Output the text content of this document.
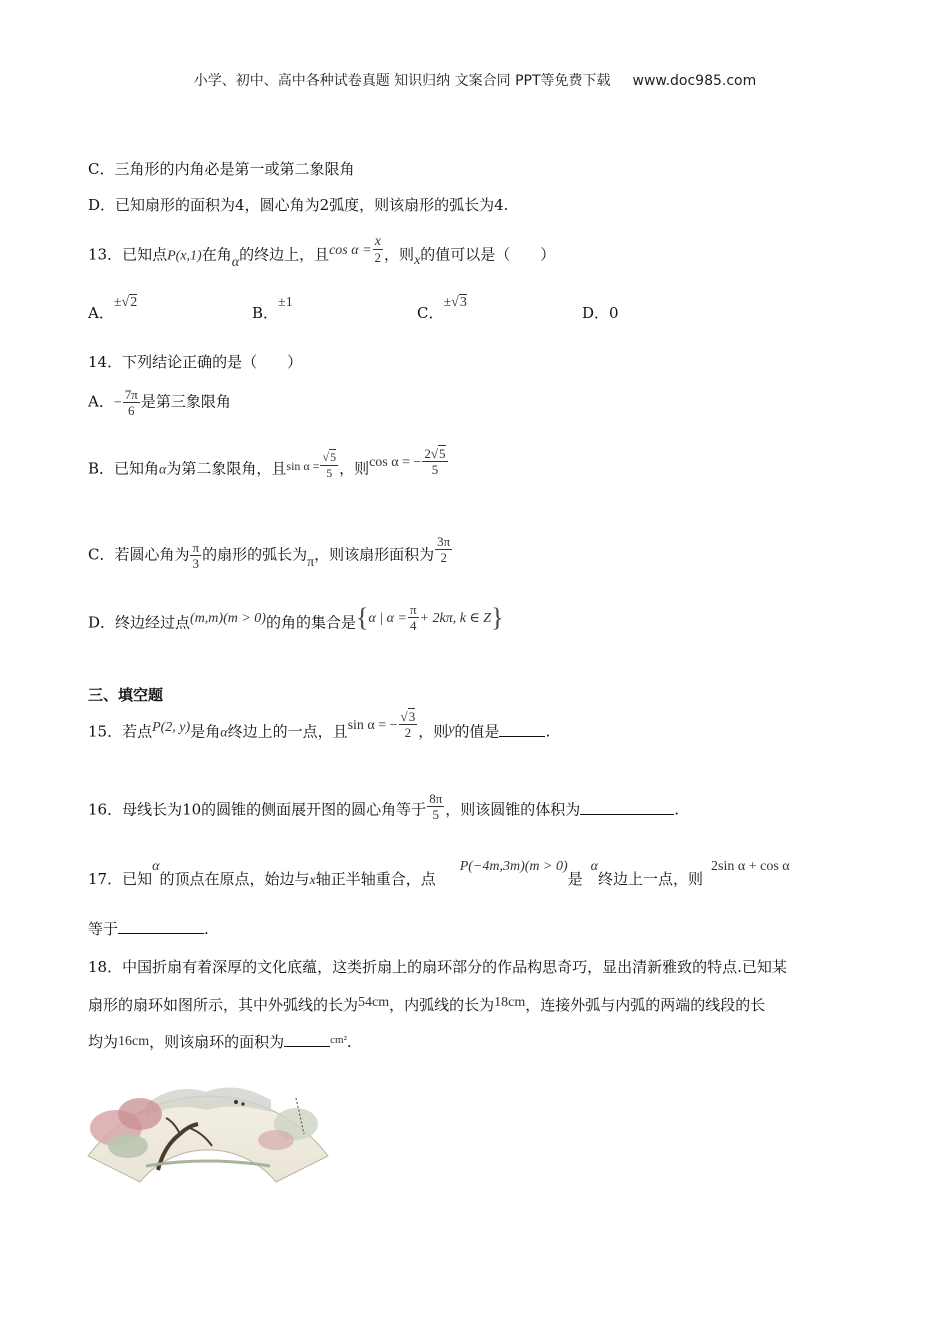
小学、初中、高中各种试卷真题 知识归纳 文案合同 PPT等免费下载 www.doc985.com
C．三角形的内角必是第一或第二象限角
D．已知扇形的面积为4，圆心角为2弧度，则该扇形的弧长为4.
13．已知点P(x,1)在角α的终边上，且$\cos \alpha = \frac{x}{2}$ ，则x的值可以是（　　）
A．±√2
B．±1
C．±√3
D．0
14．下列结论正确的是（　　）
A．− $\frac{7\pi}{6}$ 是第三象限角
B．已知角α为第二象限角，且$^{sin \alpha =} \frac{√5}{5}$ ，则cos α = − $\frac{2√5}{5}$
C．若圆心角为 $\frac{\pi}{3}$ 的扇形的弧长为π，则该扇形面积为 $\frac{3\pi}{2}$
D．终边经过点(m,m)(m > 0)的角的集合是{α | $\alpha = \frac{\pi}{4} + 2k\pi$, k ∈ Z}
三、填空题
15．若点P(2, y)是角α终边上的一点，且sin α = − $\frac{√3}{2}$ ，则y的值是	.
16．母线长为10的圆锥的侧面展开图的圆心角等于 $\frac{8\pi}{5}$ ，则该圆锥的体积为	.
17．已知α的顶点在原点，始边与x轴正半轴重合，点P(−4m,3m)(m > 0)是α终边上一点，则2sin α + cos α
等于	.
18．中国折扇有着深厚的文化底蕴，这类折扇上的扇环部分的作品构思奇巧，显出清新雅致的特点.已知某
扇形的扇环如图所示，其中外弧线的长为54cm，内弧线的长为18cm，连接外弧与内弧的两端的线段的长
均为16cm，则该扇环的面积为	$^{cm^2}$.
